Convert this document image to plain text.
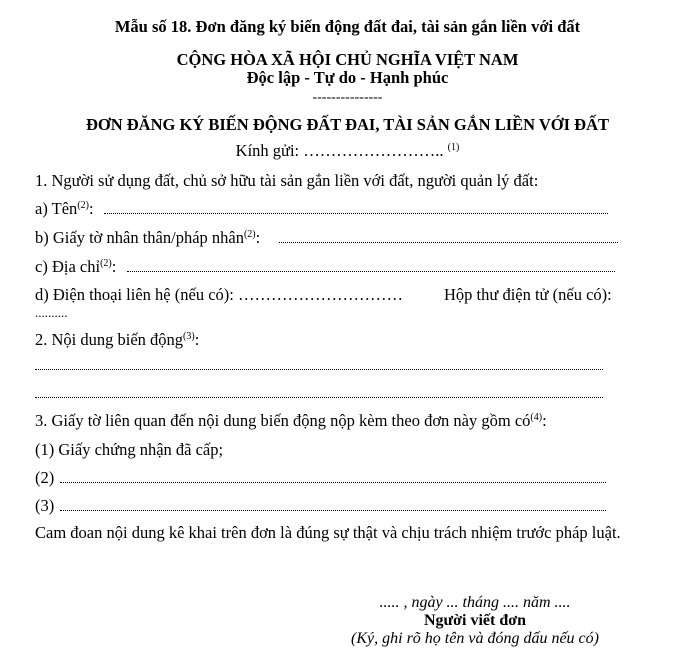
Mẫu số 18. Đơn đăng ký biến động đất đai, tài sản gắn liền với đất
CỘNG HÒA XÃ HỘI CHỦ NGHĨA VIỆT NAM
Độc lập - Tự do - Hạnh phúc
---------------
ĐƠN ĐĂNG KÝ BIẾN ĐỘNG ĐẤT ĐAI, TÀI SẢN GẮN LIỀN VỚI ĐẤT
Kính gửi: …………………….. $^{(1)}$
1. Người sử dụng đất, chủ sở hữu tài sản gắn liền với đất, người quản lý đất:
a) Tên$^{(2)}$:
b) Giấy tờ nhân thân/pháp nhân$^{(2)}$:
c) Địa chỉ$^{(2)}$:
d) Điện thoại liên hệ (nếu có): ………………………… Hộp thư điện tử (nếu có):
..........
2. Nội dung biến động$^{(3)}$:
3. Giấy tờ liên quan đến nội dung biến động nộp kèm theo đơn này gồm $có^{(4)}$:
(1) Giấy chứng nhận đã cấp;
(2)
(3)
Cam đoan nội dung kê khai trên đơn là đúng sự thật và chịu trách nhiệm trước pháp luật.
..... , ngày ... tháng .... năm ....
Người viết đơn
(Ký, ghi rõ họ tên và đóng dấu nếu có)
